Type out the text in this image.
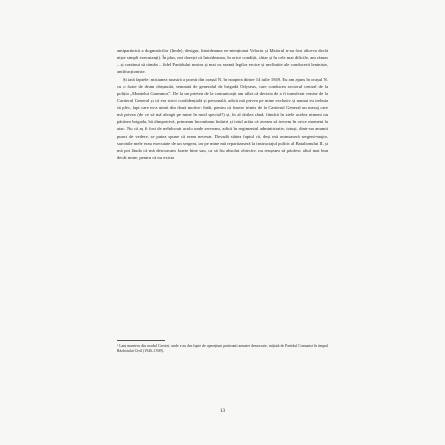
antipartinică a dogmaticilor (Iinde), desigur, întotdeauna eo-ntenționat Velaciu și Maiorul n-au fost altceva decât niște simpli executanți). În plus, noi dorești că întotdeauna, în orice condiții, chiar și în cele mai dificile, am rămas – și continui să rămân – fidel Partidului nostru și mai cu seamă legilor eroice și neclintite ale conducerii leniniste, antifracționiste.

Și iată faptele: misiunea noastră a pornit din orașul N. în noaptea dintre 14 iulie 1949. Eu am ajuns în orașul N. cu o foaie de drum obișnuită, semnată de generalul de brigadă Odyseus, care conducea sectorul central de la poliția „Muntelui Grammos”. De la un prieten de la comunicații am aflat că decizia de a fi transferat venise de la Cartierul General și că era strict confidențială și personală, adică mă privea pe mine exclusiv și numai eu trebuia să plec, fapt care m-a uimit din două motive: întâi, pentru că fusese trimis de la Cartierul General un mesaj care mă privea (de ce să mă aleagă pe mine în mod special?) și, în al doilea rând, fiindcă în ziele acelea nimeni nu părăsea brigada, bă dimpotrivă, primeam încontinuu întăriri și totul arăta că aveam să trecem în orice moment la atac. Nu că aș fi fost de neînlocuit acolo unde serveam, adică în regimentul administrativ, totuși, dintr-un anumit punct de vedere, se putea spune că eram necesar. Dovadă stătea faptul că, deși mă avansaseră sergent-major, sarcinile mele erau executate de un sergent, iar pe mine mă repartizaseră la instructajul politic al Batalionului II, și mă pot lăuda că mă descurcam foarte bine sau, ca să fiu absolut obiectiv, nu reușeam să păcăesc altul mai bun decât mine, pentru că nu exista

¹ Lanț munteos din nordul Greciei, unde s-au dus lupte de operațiuni partizanii armatei democrate, inițiată de Partidul Comunist în timpul Războiului Civil (1946–1949).

13
